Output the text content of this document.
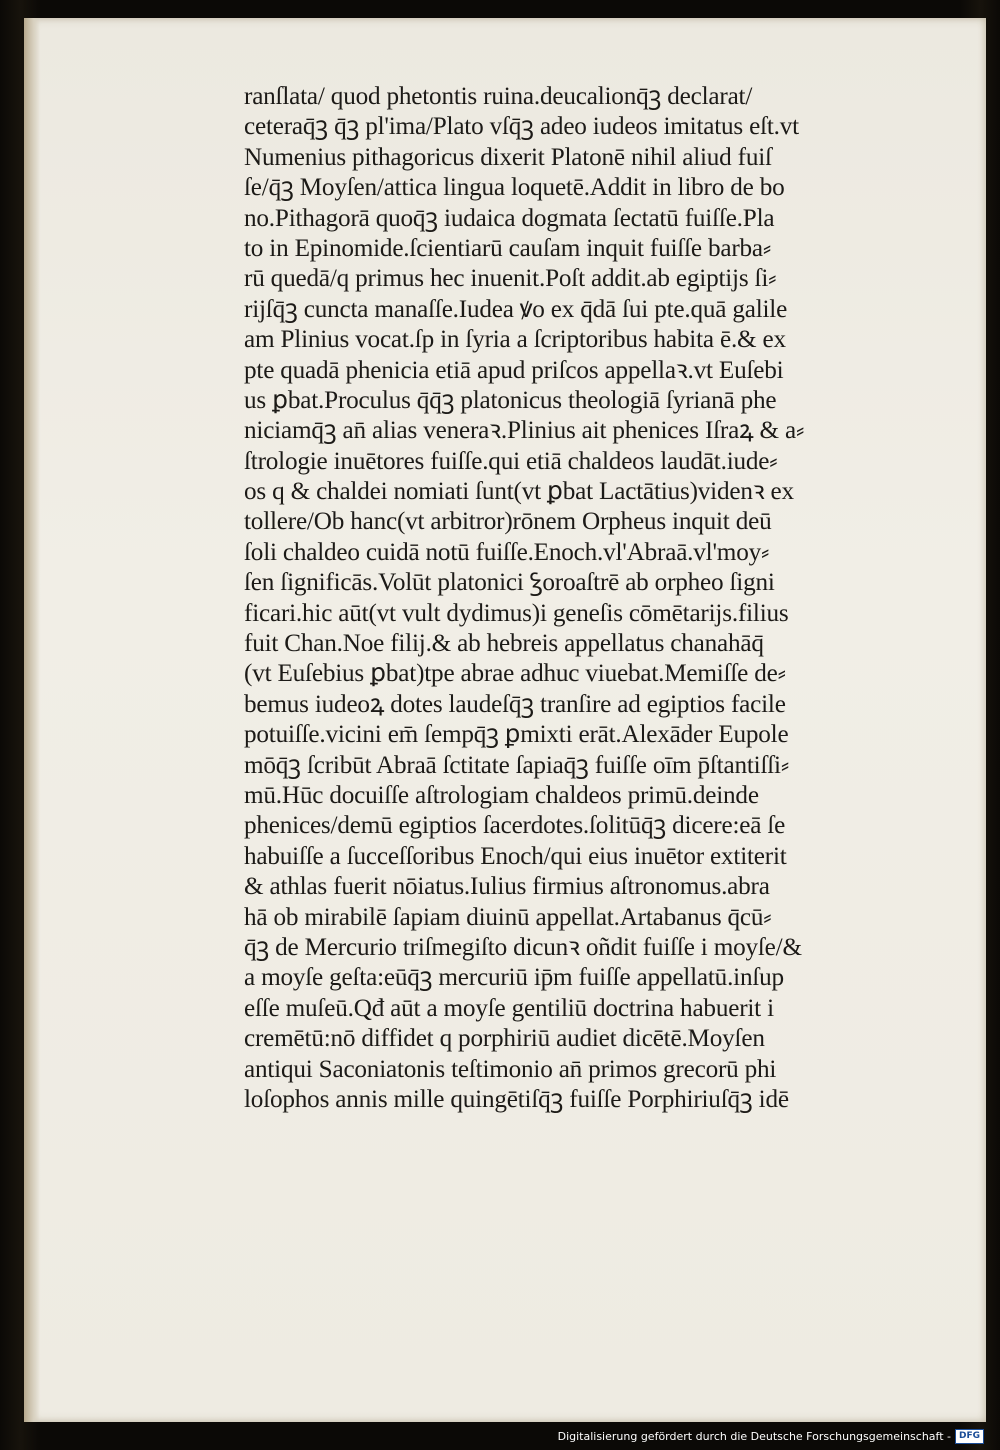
ranſlata/ quod phetontis ruina.deucalionq̄ꝫ declarat/
ceteraq̄ꝫ q̄ꝫ pl'ima/Plato vſq̄ꝫ adeo iudeos imitatus eſt.vt
Numenius pithagoricus dixerit Platonē nihil aliud fuiſ
ſe/q̄ꝫ Moyſen/attica lingua loquetē.Addit in libro de bo
no.Pithagorā quoq̄ꝫ iudaica dogmata ſectatū fuiſſe.Pla
to in Epinomide.ſcientiarū cauſam inquit fuiſſe barba⸗
rū quedā/q primus hec inuenit.Poſt addit.ab egiptijs ſi⸗
rijſq̄ꝫ cuncta manaſſe.Iudea ꝟo ex q̄dā ſui pte.quā galile
am Plinius vocat.ſp in ſyria a ſcriptoribus habita ē.& ex
pte quadā phenicia etiā apud priſcos appellaꝛ.vt Euſebi
us ꝑbat.Proculus q̄q̄ꝫ platonicus theologiā ſyrianā phe
niciamq̄ꝫ an̄ alias veneraꝛ.Plinius ait phenices Iſraꝝ & a⸗
ſtrologie inuētores fuiſſe.qui etiā chaldeos laudāt.iude⸗
os q & chaldei nomiati ſunt(vt ꝑbat Lactātius)videnꝛ ex
tollere/Ob hanc(vt arbitror)rōnem Orpheus inquit deū
ſoli chaldeo cuidā notū fuiſſe.Enoch.vl'Abraā.vl'moy⸗
ſen ſignificās.Volūt platonici ꝣoroaſtrē ab orpheo ſigni
ficari.hic aūt(vt vult dydimus)i geneſis cōmētarijs.filius
fuit Chan.Noe filij.& ab hebreis appellatus chanahāq̄
(vt Euſebius ꝑbat)tpe abrae adhuc viuebat.Memiſſe de⸗
bemus iudeoꝝ dotes laudeſq̄ꝫ tranſire ad egiptios facile
potuiſſe.vicini em̄ ſempq̄ꝫ ꝑmixti erāt.Alexāder Eupole
mōq̄ꝫ ſcribūt Abraā ſctitate ſapiaq̄ꝫ fuiſſe oīm p̄ſtantiſſi⸗
mū.Hūc docuiſſe aſtrologiam chaldeos primū.deinde
phenices/demū egiptios ſacerdotes.ſolitūq̄ꝫ dicere:eā ſe
habuiſſe a ſucceſſoribus Enoch/qui eius inuētor extiterit
& athlas fuerit nōiatus.Iulius firmius aſtronomus.abra
hā ob mirabilē ſapiam diuinū appellat.Artabanus q̄cū⸗
q̄ꝫ de Mercurio triſmegiſto dicunꝛ oñdit fuiſſe i moyſe/&
a moyſe geſta:eūq̄ꝫ mercuriū ip̄m fuiſſe appellatū.inſup
eſſe muſeū.Qđ aūt a moyſe gentiliū doctrina habuerit i
cremētū:nō diffidet q porphiriū audiet dicētē.Moyſen
antiqui Saconiatonis teſtimonio an̄ primos grecorū phi
loſophos annis mille quingētiſq̄ꝫ fuiſſe Porphiriuſq̄ꝫ idē
Digitalisierung gefördert durch die Deutsche Forschungsgemeinschaft - DFG
